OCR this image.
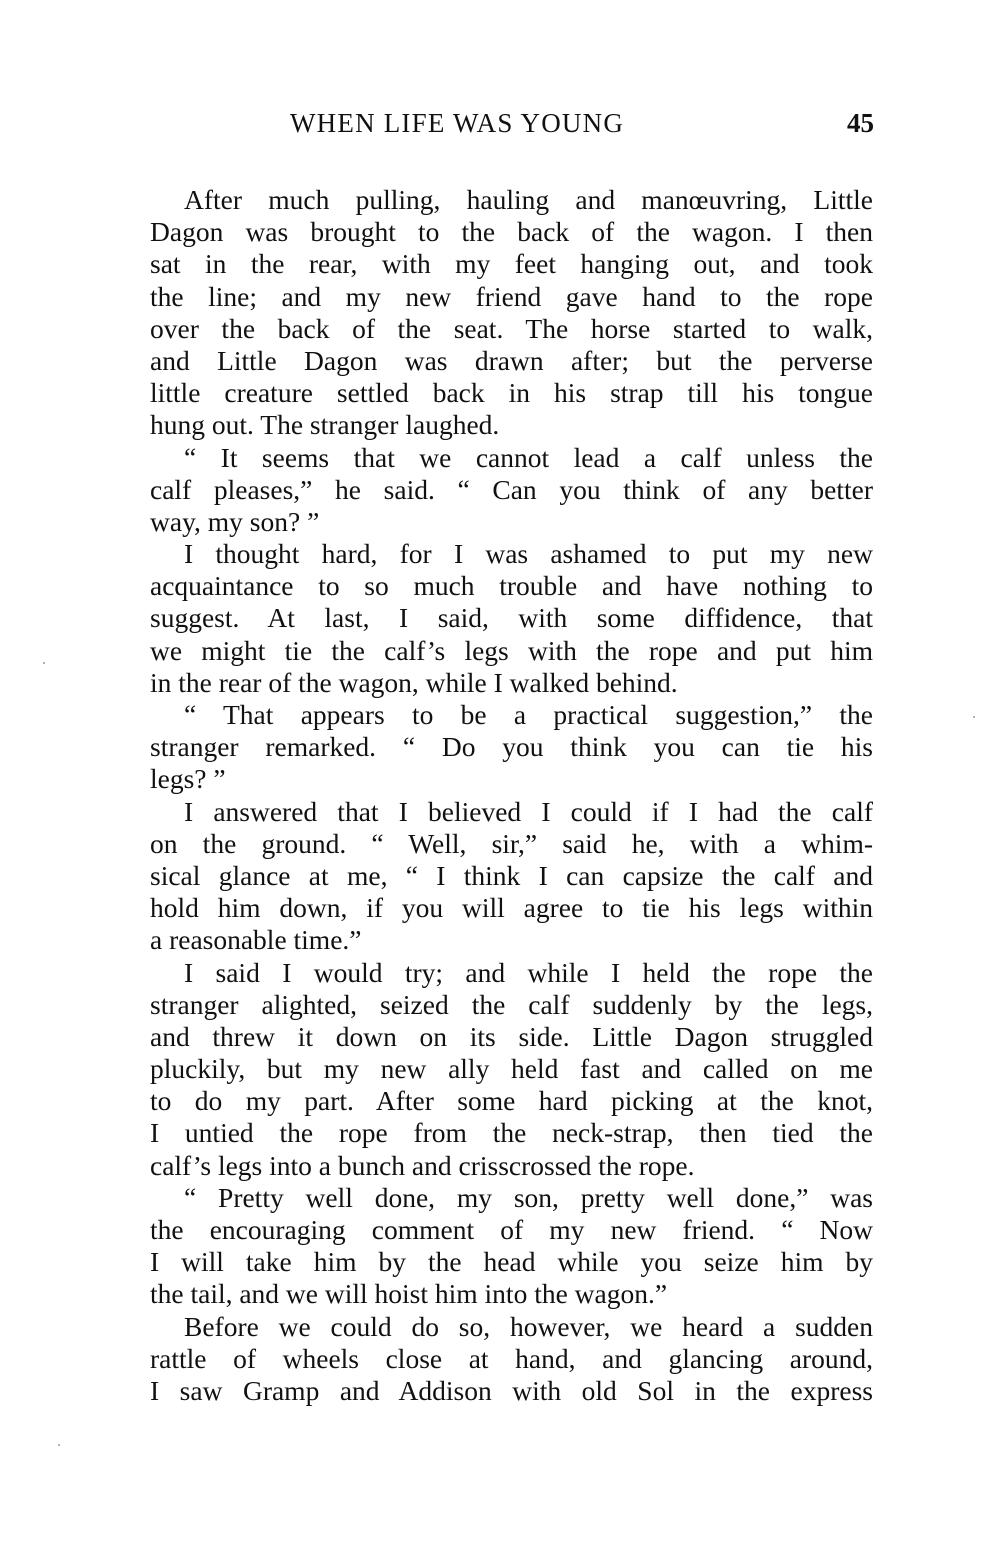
WHEN LIFE WAS YOUNG	45
After much pulling, hauling and manœuvring, Little
Dagon was brought to the back of the wagon. I then
sat in the rear, with my feet hanging out, and took
the line; and my new friend gave hand to the rope
over the back of the seat. The horse started to walk,
and Little Dagon was drawn after; but the perverse
little creature settled back in his strap till his tongue
hung out. The stranger laughed.
“ It seems that we cannot lead a calf unless the
calf pleases,” he said. “ Can you think of any better
way, my son? ”
I thought hard, for I was ashamed to put my new
acquaintance to so much trouble and have nothing to
suggest. At last, I said, with some diffidence, that
we might tie the calf’s legs with the rope and put him
in the rear of the wagon, while I walked behind.
“ That appears to be a practical suggestion,” the
stranger remarked. “ Do you think you can tie his
legs? ”
I answered that I believed I could if I had the calf
on the ground. “ Well, sir,” said he, with a whim-
sical glance at me, “ I think I can capsize the calf and
hold him down, if you will agree to tie his legs within
a reasonable time.”
I said I would try; and while I held the rope the
stranger alighted, seized the calf suddenly by the legs,
and threw it down on its side. Little Dagon struggled
pluckily, but my new ally held fast and called on me
to do my part. After some hard picking at the knot,
I untied the rope from the neck-strap, then tied the
calf’s legs into a bunch and crisscrossed the rope.
“ Pretty well done, my son, pretty well done,” was
the encouraging comment of my new friend. “ Now
I will take him by the head while you seize him by
the tail, and we will hoist him into the wagon.”
Before we could do so, however, we heard a sudden
rattle of wheels close at hand, and glancing around,
I saw Gramp and Addison with old Sol in the express
